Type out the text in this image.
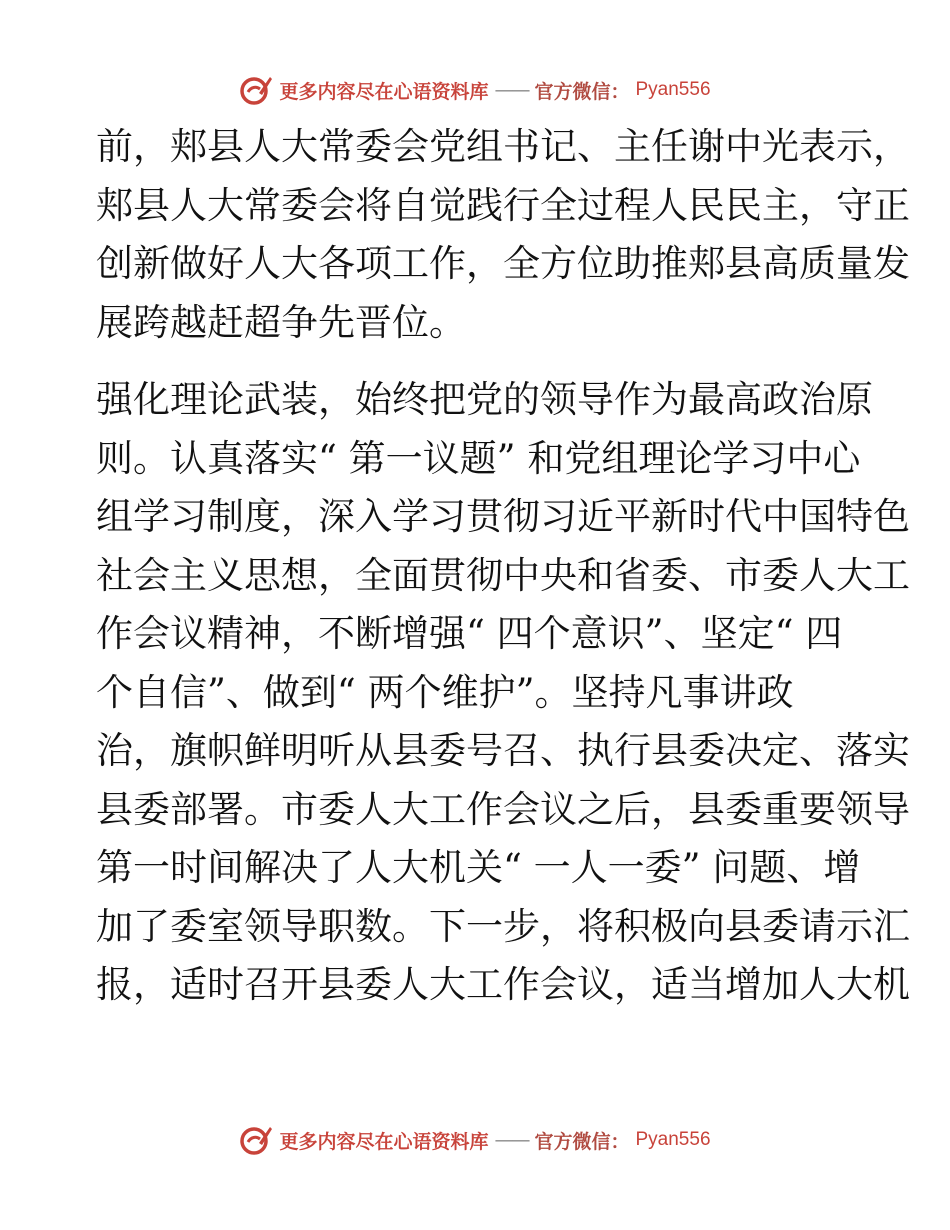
更多内容尽在心语资料库 —— 官方微信： Pyan556

前，郏县人大常委会党组书记、主任谢中光表示，

郏县人大常委会将自觉践行全过程人民民主，守正

创新做好人大各项工作，全方位助推郏县高质量发

展跨越赶超争先晋位。

强化理论武装，始终把党的领导作为最高政治原

则。认真落实“ 第一议题” 和党组理论学习中心

组学习制度，深入学习贯彻习近平新时代中国特色

社会主义思想，全面贯彻中央和省委、市委人大工

作会议精神，不断增强“ 四个意识”、坚定“ 四

个自信”、做到“ 两个维护”。坚持凡事讲政

治，旗帜鲜明听从县委号召、执行县委决定、落实

县委部署。市委人大工作会议之后，县委重要领导

第一时间解决了人大机关“ 一人一委” 问题、增

加了委室领导职数。下一步，将积极向县委请示汇

报，适时召开县委人大工作会议，适当增加人大机

更多内容尽在心语资料库 —— 官方微信： Pyan556
